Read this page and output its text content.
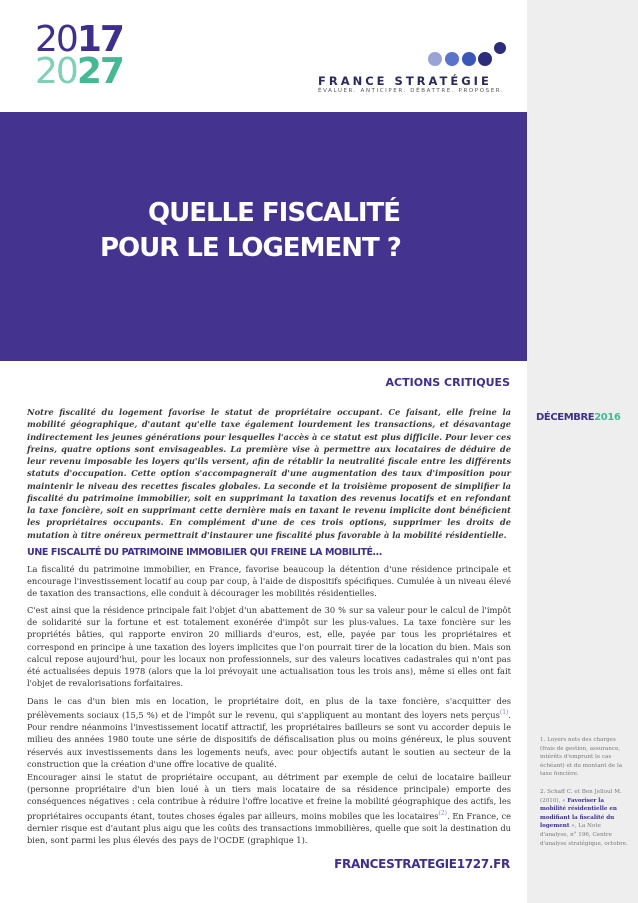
2017
2027	FRANCE STRATÉGIE
ÉVALUER. ANTICIPER. DÉBATTRE. PROPOSER.
QUELLE FISCALITÉ
POUR LE LOGEMENT ?
ACTIONS CRITIQUES
DÉCEMBRE2016

Notre fiscalité du logement favorise le statut de propriétaire occupant. Ce faisant, elle freine la mobilité géographique, d'autant qu'elle taxe également lourdement les transactions, et désavantage indirectement les jeunes générations pour lesquelles l'accès à ce statut est plus difficile. Pour lever ces freins, quatre options sont envisageables. La première vise à permettre aux locataires de déduire de leur revenu imposable les loyers qu'ils versent, afin de rétablir la neutralité fiscale entre les différents statuts d'occupation. Cette option s'accompagnerait d'une augmentation des taux d'imposition pour maintenir le niveau des recettes fiscales globales. La seconde et la troisième proposent de simplifier la fiscalité du patrimoine immobilier, soit en supprimant la taxation des revenus locatifs et en refondant la taxe foncière, soit en supprimant cette dernière mais en taxant le revenu implicite dont bénéficient les propriétaires occupants. En complément d'une de ces trois options, supprimer les droits de mutation à titre onéreux permettrait d'instaurer une fiscalité plus favorable à la mobilité résidentielle.

UNE FISCALITÉ DU PATRIMOINE IMMOBILIER QUI FREINE LA MOBILITÉ…

La fiscalité du patrimoine immobilier, en France, favorise beaucoup la détention d'une résidence principale et encourage l'investissement locatif au coup par coup, à l'aide de dispositifs spécifiques. Cumulée à un niveau élevé de taxation des transactions, elle conduit à décourager les mobilités résidentielles.

C'est ainsi que la résidence principale fait l'objet d'un abattement de 30 % sur sa valeur pour le calcul de l'impôt de solidarité sur la fortune et est totalement exonérée d'impôt sur les plus-values. La taxe foncière sur les propriétés bâties, qui rapporte environ 20 milliards d'euros, est, elle, payée par tous les propriétaires et correspond en principe à une taxation des loyers implicites que l'on pourrait tirer de la location du bien. Mais son calcul repose aujourd'hui, pour les locaux non professionnels, sur des valeurs locatives cadastrales qui n'ont pas été actualisées depuis 1978 (alors que la loi prévoyait une actualisation tous les trois ans), même si elles ont fait l'objet de revalorisations forfaitaires.

Dans le cas d'un bien mis en location, le propriétaire doit, en plus de la taxe foncière, s'acquitter des prélèvements sociaux (15,5 %) et de l'impôt sur le revenu, qui s'appliquent au montant des loyers nets perçus$^{(1)}$. Pour rendre néanmoins l'investissement locatif attractif, les propriétaires bailleurs se sont vu accorder depuis le milieu des années 1980 toute une série de dispositifs de défiscalisation plus ou moins généreux, le plus souvent réservés aux investissements dans les logements neufs, avec pour objectifs autant le soutien au secteur de la construction que la création d'une offre locative de qualité.

Encourager ainsi le statut de propriétaire occupant, au détriment par exemple de celui de locataire bailleur (personne propriétaire d'un bien loué à un tiers mais locataire de sa résidence principale) emporte des conséquences négatives : cela contribue à réduire l'offre locative et freine la mobilité géographique des actifs, les propriétaires occupants étant, toutes choses égales par ailleurs, moins mobiles que les locataires$^{(2)}$. En France, ce dernier risque est d'autant plus aigu que les coûts des transactions immobilières, quelle que soit la destination du bien, sont parmi les plus élevés des pays de l'OCDE (graphique 1).

1. Loyers nets des charges (frais de gestion, assurance, intérêts d'emprunt le cas échéant) et du montant de la taxe foncière.

2. Schaff C. et Ben Jelloul M. (2010), « Favoriser la mobilité résidentielle en modifiant la fiscalité du logement », La Note d'analyse, n° 196, Centre d'analyse stratégique, octobre.

FRANCESTRATEGIE1727.FR
